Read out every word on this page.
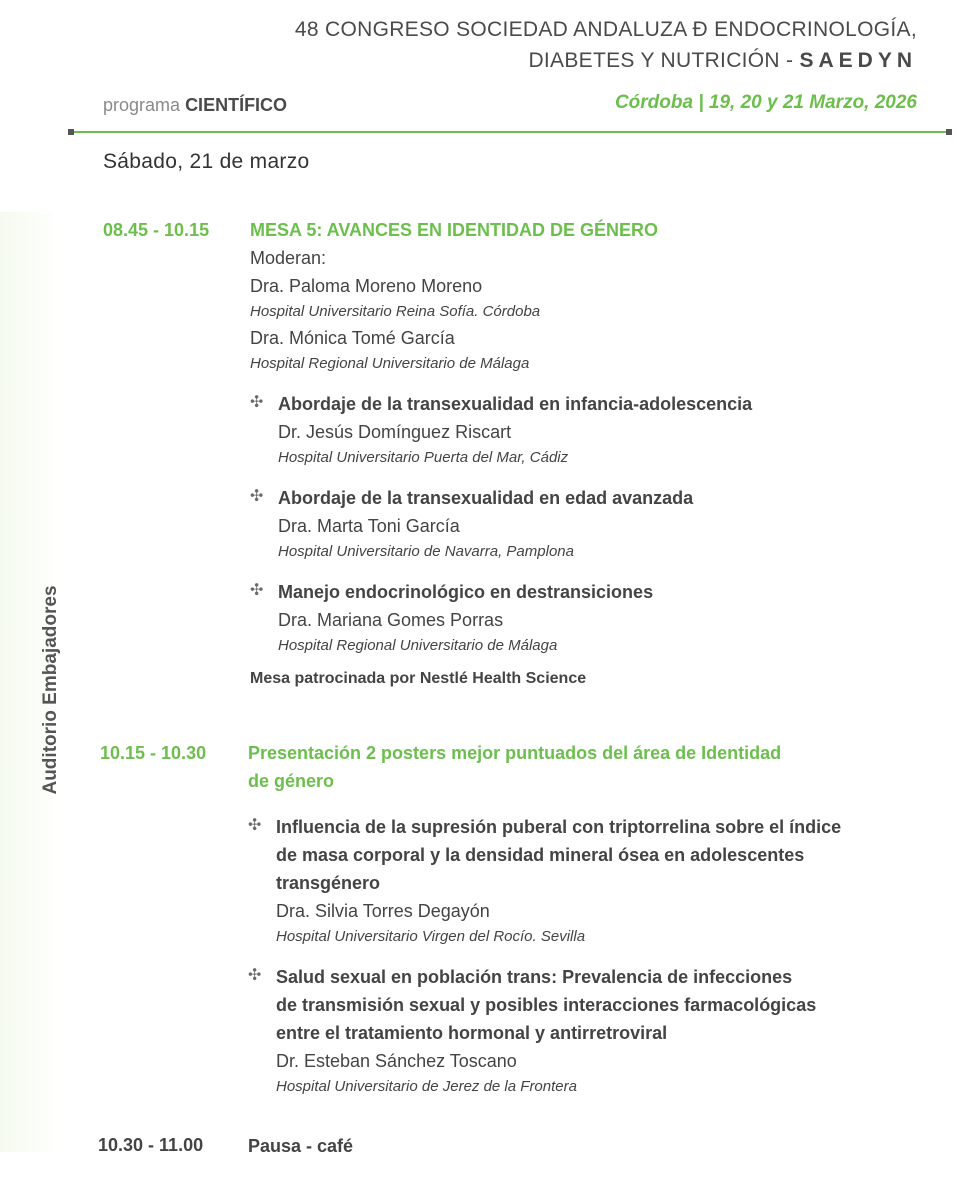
Auditorio Embajadores
48 CONGRESO SOCIEDAD ANDALUZA Đ ENDOCRINOLOGÍA,
DIABETES Y NUTRICIÓN - SAEDYN
programa CIENTÍFICO	Córdoba | 19, 20 y 21 Marzo, 2026
Sábado, 21 de marzo
08.45 - 10.15 MESA 5: AVANCES EN IDENTIDAD DE GÉNERO
Moderan:
Dra. Paloma Moreno Moreno
Hospital Universitario Reina Sofía. Córdoba
Dra. Mónica Tomé García
Hospital Regional Universitario de Málaga
✣ Abordaje de la transexualidad en infancia-adolescencia
Dr. Jesús Domínguez Riscart
Hospital Universitario Puerta del Mar, Cádiz
✣ Abordaje de la transexualidad en edad avanzada
Dra. Marta Toni García
Hospital Universitario de Navarra, Pamplona
✣ Manejo endocrinológico en destransiciones
Dra. Mariana Gomes Porras
Hospital Regional Universitario de Málaga
Mesa patrocinada por Nestlé Health Science
10.15 - 10.30 Presentación 2 posters mejor puntuados del área de Identidad
de género
✣ Influencia de la supresión puberal con triptorrelina sobre el índice
de masa corporal y la densidad mineral ósea en adolescentes
transgénero
Dra. Silvia Torres Degayón
Hospital Universitario Virgen del Rocío. Sevilla
✣ Salud sexual en población trans: Prevalencia de infecciones
de transmisión sexual y posibles interacciones farmacológicas
entre el tratamiento hormonal y antirretroviral
Dr. Esteban Sánchez Toscano
Hospital Universitario de Jerez de la Frontera
10.30 - 11.00 Pausa - café
